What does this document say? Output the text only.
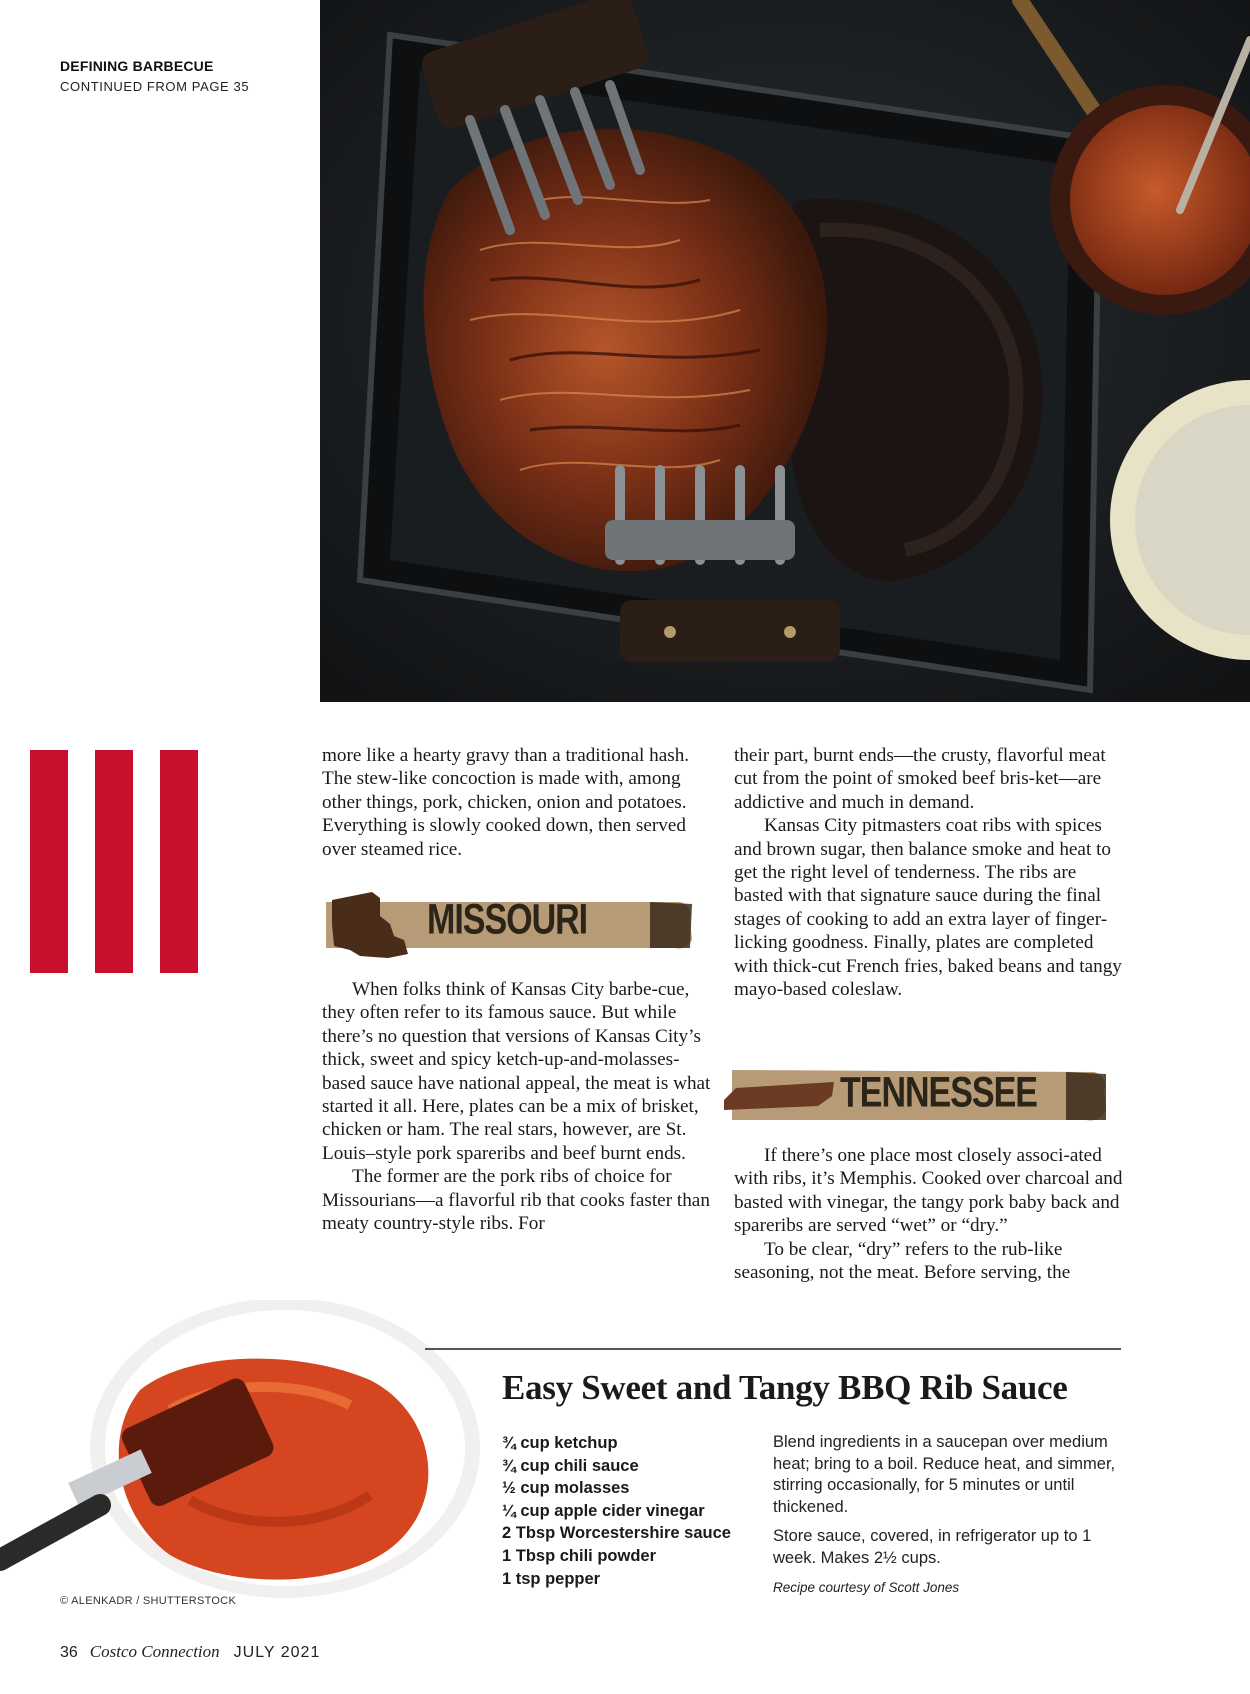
DEFINING BARBECUE
CONTINUED FROM PAGE 35

more like a hearty gravy than a traditional hash. The stew-like concoction is made with, among other things, pork, chicken, onion and potatoes. Everything is slowly cooked down, then served over steamed rice.

MISSOURI

When folks think of Kansas City barbe-cue, they often refer to its famous sauce. But while there’s no question that versions of Kansas City’s thick, sweet and spicy ketch-up-and-molasses-based sauce have national appeal, the meat is what started it all. Here, plates can be a mix of brisket, chicken or ham. The real stars, however, are St. Louis–style pork spareribs and beef burnt ends.

The former are the pork ribs of choice for Missourians—a flavorful rib that cooks faster than meaty country-style ribs. For

their part, burnt ends—the crusty, flavorful meat cut from the point of smoked beef bris-ket—are addictive and much in demand.

Kansas City pitmasters coat ribs with spices and brown sugar, then balance smoke and heat to get the right level of tenderness. The ribs are basted with that signature sauce during the final stages of cooking to add an extra layer of finger-licking goodness. Finally, plates are completed with thick-cut French fries, baked beans and tangy mayo-based coleslaw.

TENNESSEE

If there’s one place most closely associ-ated with ribs, it’s Memphis. Cooked over charcoal and basted with vinegar, the tangy pork baby back and spareribs are served “wet” or “dry.”

To be clear, “dry” refers to the rub-like seasoning, not the meat. Before serving, the

© ALENKADR / SHUTTERSTOCK
Easy Sweet and Tangy BBQ Rib Sauce
¾ cup ketchup
¾ cup chili sauce
½ cup molasses
¼ cup apple cider vinegar
2 Tbsp Worcestershire sauce
1 Tbsp chili powder
1 tsp pepper

Blend ingredients in a saucepan over medium heat; bring to a boil. Reduce heat, and simmer, stirring occasionally, for 5 minutes or until thickened.

Store sauce, covered, in refrigerator up to 1 week. Makes 2½ cups.

Recipe courtesy of Scott Jones
36 Costco Connection JULY 2021
